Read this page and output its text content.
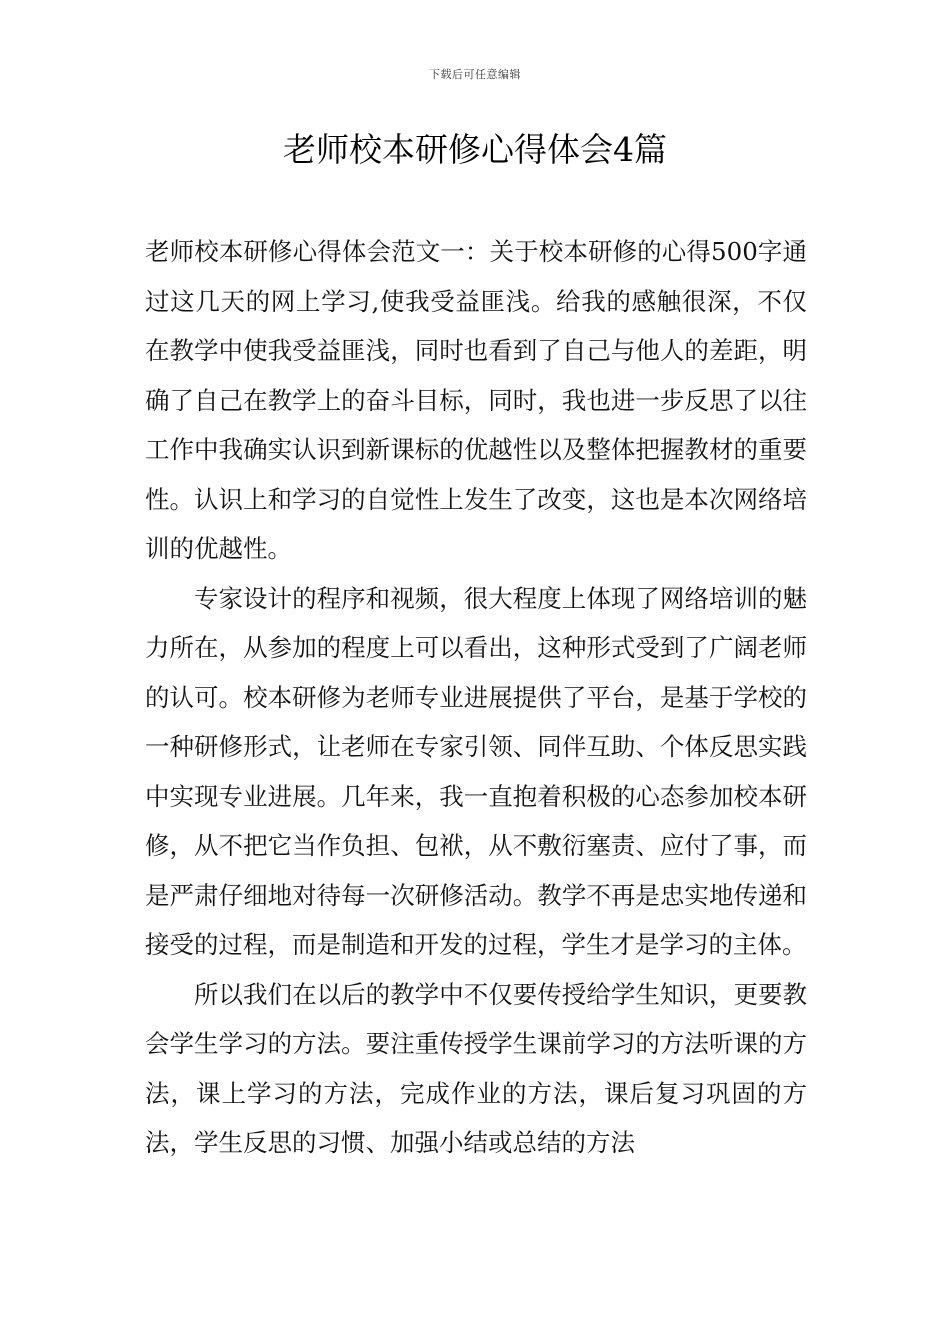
下载后可任意编辑
老师校本研修心得体会4篇

老师校本研修心得体会范文一：关于校本研修的心得500字通过这几天的网上学习,使我受益匪浅。给我的感触很深，不仅在教学中使我受益匪浅，同时也看到了自己与他人的差距，明确了自己在教学上的奋斗目标，同时，我也进一步反思了以往工作中我确实认识到新课标的优越性以及整体把握教材的重要性。认识上和学习的自觉性上发生了改变，这也是本次网络培训的优越性。

专家设计的程序和视频，很大程度上体现了网络培训的魅力所在，从参加的程度上可以看出，这种形式受到了广阔老师的认可。校本研修为老师专业进展提供了平台，是基于学校的一种研修形式，让老师在专家引领、同伴互助、个体反思实践中实现专业进展。几年来，我一直抱着积极的心态参加校本研修，从不把它当作负担、包袱，从不敷衍塞责、应付了事，而是严肃仔细地对待每一次研修活动。教学不再是忠实地传递和接受的过程，而是制造和开发的过程，学生才是学习的主体。

所以我们在以后的教学中不仅要传授给学生知识，更要教会学生学习的方法。要注重传授学生课前学习的方法听课的方法，课上学习的方法，完成作业的方法，课后复习巩固的方法，学生反思的习惯、加强小结或总结的方法
